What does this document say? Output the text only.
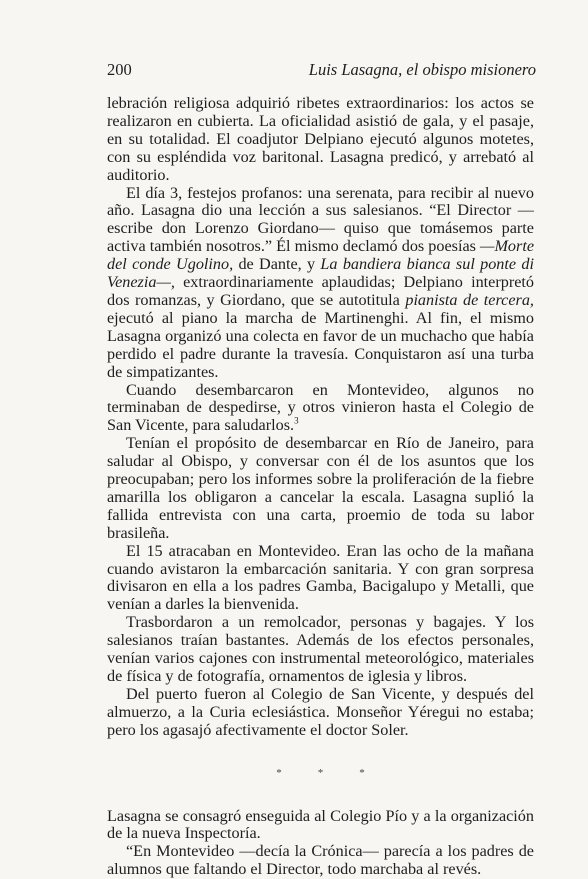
200	Luis Lasagna, el obispo misionero

lebración religiosa adquirió ribetes extraordinarios: los actos se realizaron en cubierta. La oficialidad asistió de gala, y el pasaje, en su totalidad. El coadjutor Delpiano ejecutó algunos motetes, con su espléndida voz baritonal. Lasagna predicó, y arrebató al auditorio.

El día 3, festejos profanos: una serenata, para recibir al nuevo año. Lasagna dio una lección a sus salesianos. “El Director —escribe don Lorenzo Giordano— quiso que tomásemos parte activa también nosotros.” Él mismo declamó dos poesías —Morte del conde Ugolino, de Dante, y La bandiera bianca sul ponte di Venezia—, extraordinariamente aplaudidas; Delpiano interpretó dos romanzas, y Giordano, que se autotitula pianista de tercera, ejecutó al piano la marcha de Martinenghi. Al fin, el mismo Lasagna organizó una colecta en favor de un muchacho que había perdido el padre durante la travesía. Conquistaron así una turba de simpatizantes.

Cuando desembarcaron en Montevideo, algunos no terminaban de despedirse, y otros vinieron hasta el Colegio de San Vicente, para saludarlos.$^3$

Tenían el propósito de desembarcar en Río de Janeiro, para saludar al Obispo, y conversar con él de los asuntos que los preocupaban; pero los informes sobre la proliferación de la fiebre amarilla los obligaron a cancelar la escala. Lasagna suplió la fallida entrevista con una carta, proemio de toda su labor brasileña.

El 15 atracaban en Montevideo. Eran las ocho de la mañana cuando avistaron la embarcación sanitaria. Y con gran sorpresa divisaron en ella a los padres Gamba, Bacigalupo y Metalli, que venían a darles la bienvenida.

Trasbordaron a un remolcador, personas y bagajes. Y los salesianos traían bastantes. Además de los efectos personales, venían varios cajones con instrumental meteorológico, materiales de física y de fotografía, ornamentos de iglesia y libros.

Del puerto fueron al Colegio de San Vicente, y después del almuerzo, a la Curia eclesiástica. Monseñor Yéregui no estaba; pero los agasajó afectivamente el doctor Soler.

*	*	*

Lasagna se consagró enseguida al Colegio Pío y a la organización de la nueva Inspectoría.

“En Montevideo —decía la Crónica— parecía a los padres de alumnos que faltando el Director, todo marchaba al revés.
